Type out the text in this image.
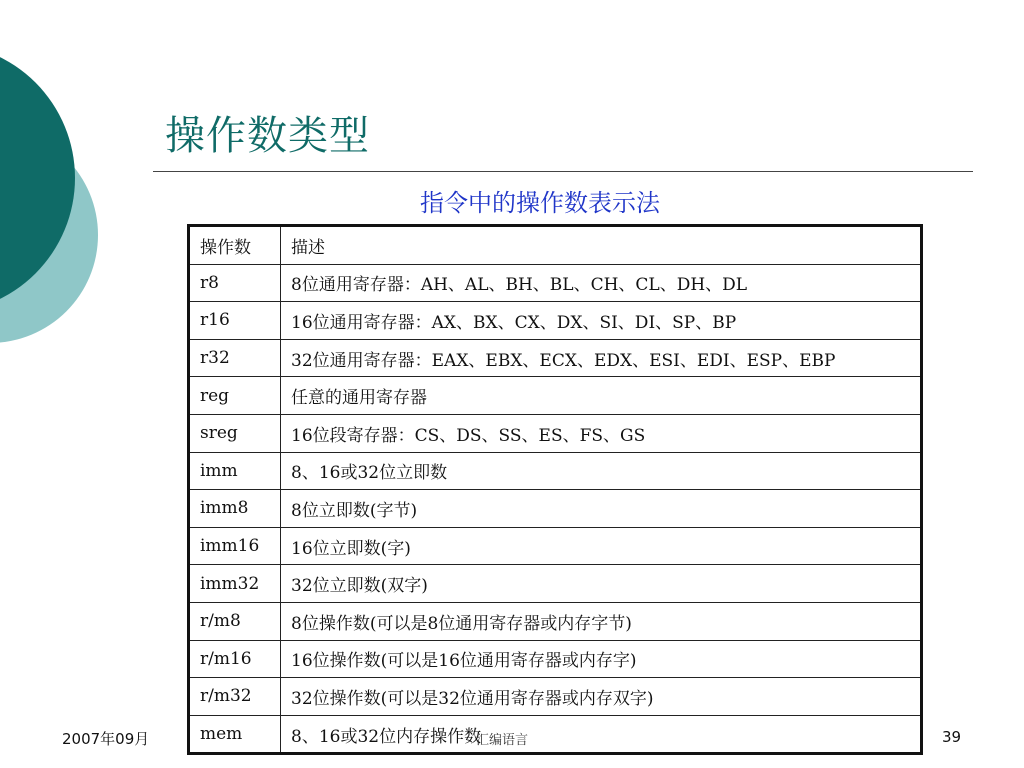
操作数类型
指令中的操作数表示法
操作数	描述
r8	8位通用寄存器：AH、AL、BH、BL、CH、CL、DH、DL
r16	16位通用寄存器：AX、BX、CX、DX、SI、DI、SP、BP
r32	32位通用寄存器：EAX、EBX、ECX、EDX、ESI、EDI、ESP、EBP
reg	任意的通用寄存器
sreg	16位段寄存器：CS、DS、SS、ES、FS、GS
imm	8、16或32位立即数
imm8	8位立即数(字节)
imm16	16位立即数(字)
imm32	32位立即数(双字)
r/m8	8位操作数(可以是8位通用寄存器或内存字节)
r/m16	16位操作数(可以是16位通用寄存器或内存字)
r/m32	32位操作数(可以是32位通用寄存器或内存双字)
mem	8、16或32位内存操作数
2007年09月	汇编语言	39
